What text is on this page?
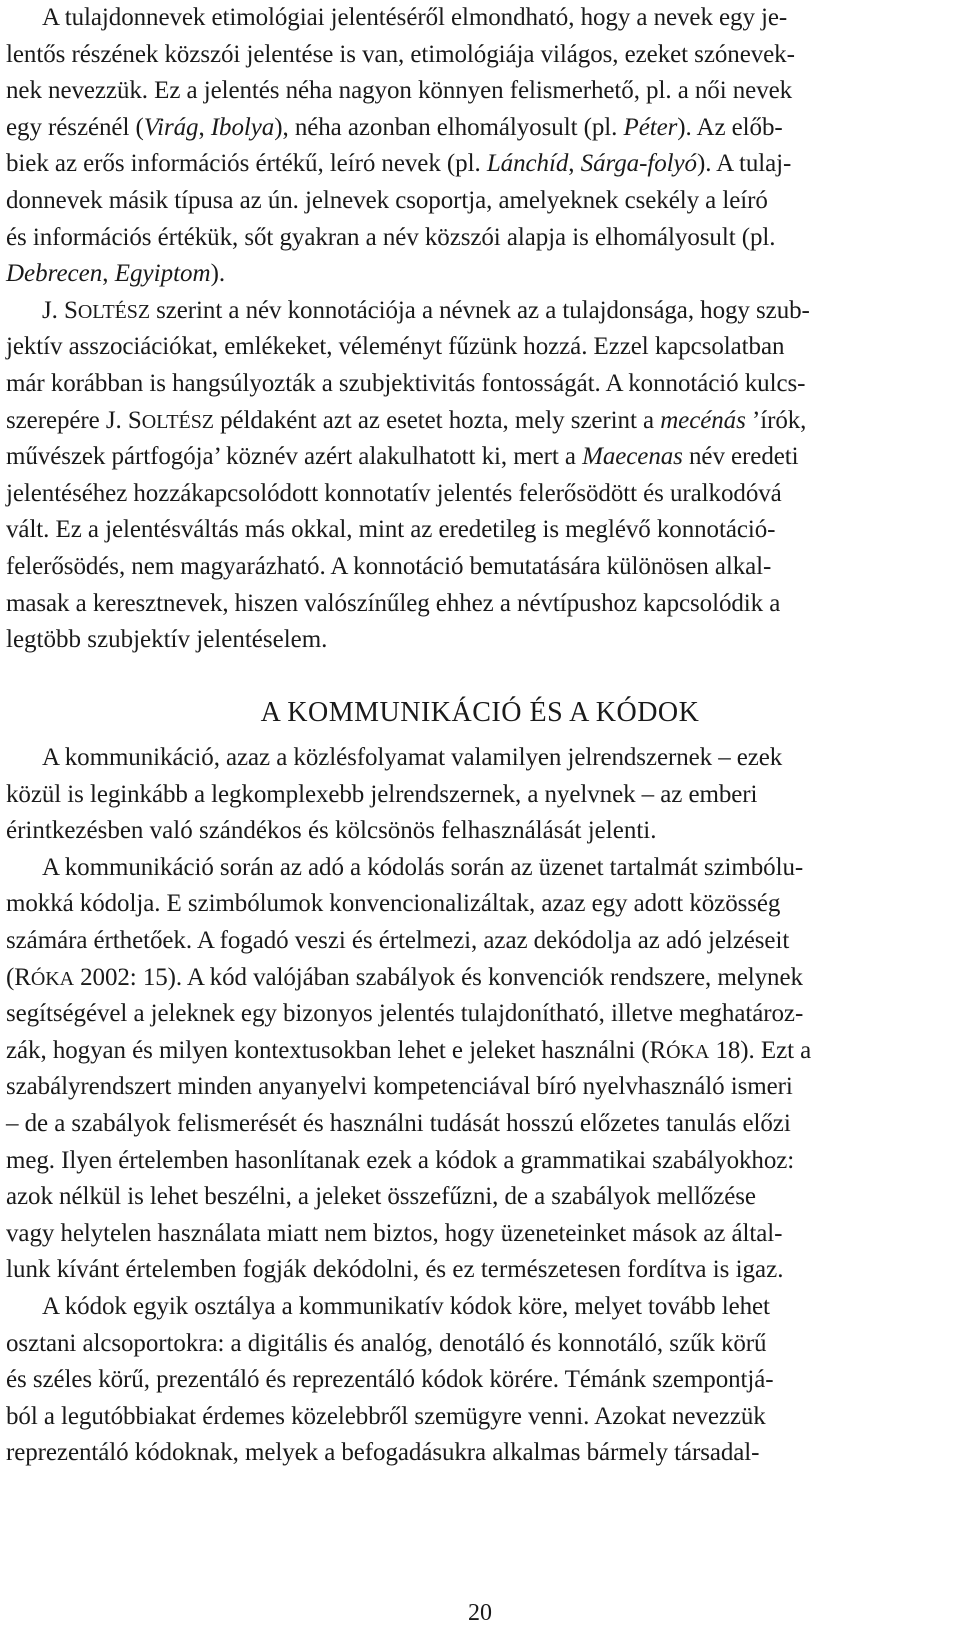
A tulajdonnevek etimológiai jelentéséről elmondható, hogy a nevek egy je-

lentős részének közszói jelentése is van, etimológiája világos, ezeket szónevek-

nek nevezzük. Ez a jelentés néha nagyon könnyen felismerhető, pl. a női nevek

egy részénél (Virág, Ibolya), néha azonban elhomályosult (pl. Péter). Az előb-

biek az erős információs értékű, leíró nevek (pl. Lánchíd, Sárga-folyó). A tulaj-

donnevek másik típusa az ún. jelnevek csoportja, amelyeknek csekély a leíró

és információs értékük, sőt gyakran a név közszói alapja is elhomályosult (pl.

Debrecen, Egyiptom).

J. SOLTÉSZ szerint a név konnotációja a névnek az a tulajdonsága, hogy szub-

jektív asszociációkat, emlékeket, véleményt fűzünk hozzá. Ezzel kapcsolatban

már korábban is hangsúlyozták a szubjektivitás fontosságát. A konnotáció kulcs-

szerepére J. SOLTÉSZ példaként azt az esetet hozta, mely szerint a mecénás ’írók,

művészek pártfogója’ köznév azért alakulhatott ki, mert a Maecenas név eredeti

jelentéséhez hozzákapcsolódott konnotatív jelentés felerősödött és uralkodóvá

vált. Ez a jelentésváltás más okkal, mint az eredetileg is meglévő konnotáció-

felerősödés, nem magyarázható. A konnotáció bemutatására különösen alkal-

masak a keresztnevek, hiszen valószínűleg ehhez a névtípushoz kapcsolódik a

legtöbb szubjektív jelentéselem.

A KOMMUNIKÁCIÓ ÉS A KÓDOK

A kommunikáció, azaz a közlésfolyamat valamilyen jelrendszernek – ezek

közül is leginkább a legkomplexebb jelrendszernek, a nyelvnek – az emberi

érintkezésben való szándékos és kölcsönös felhasználását jelenti.

A kommunikáció során az adó a kódolás során az üzenet tartalmát szimbólu-

mokká kódolja. E szimbólumok konvencionalizáltak, azaz egy adott közösség

számára érthetőek. A fogadó veszi és értelmezi, azaz dekódolja az adó jelzéseit

(RÓKA 2002: 15). A kód valójában szabályok és konvenciók rendszere, melynek

segítségével a jeleknek egy bizonyos jelentés tulajdonítható, illetve meghatároz-

zák, hogyan és milyen kontextusokban lehet e jeleket használni (RÓKA 18). Ezt a

szabályrendszert minden anyanyelvi kompetenciával bíró nyelvhasználó ismeri

– de a szabályok felismerését és használni tudását hosszú előzetes tanulás előzi

meg. Ilyen értelemben hasonlítanak ezek a kódok a grammatikai szabályokhoz:

azok nélkül is lehet beszélni, a jeleket összefűzni, de a szabályok mellőzése

vagy helytelen használata miatt nem biztos, hogy üzeneteinket mások az által-

lunk kívánt értelemben fogják dekódolni, és ez természetesen fordítva is igaz.

A kódok egyik osztálya a kommunikatív kódok köre, melyet tovább lehet

osztani alcsoportokra: a digitális és analóg, denotáló és konnotáló, szűk körű

és széles körű, prezentáló és reprezentáló kódok körére. Témánk szempontjá-

ból a legutóbbiakat érdemes közelebbről szemügyre venni. Azokat nevezzük

reprezentáló kódoknak, melyek a befogadásukra alkalmas bármely társadal-

20
